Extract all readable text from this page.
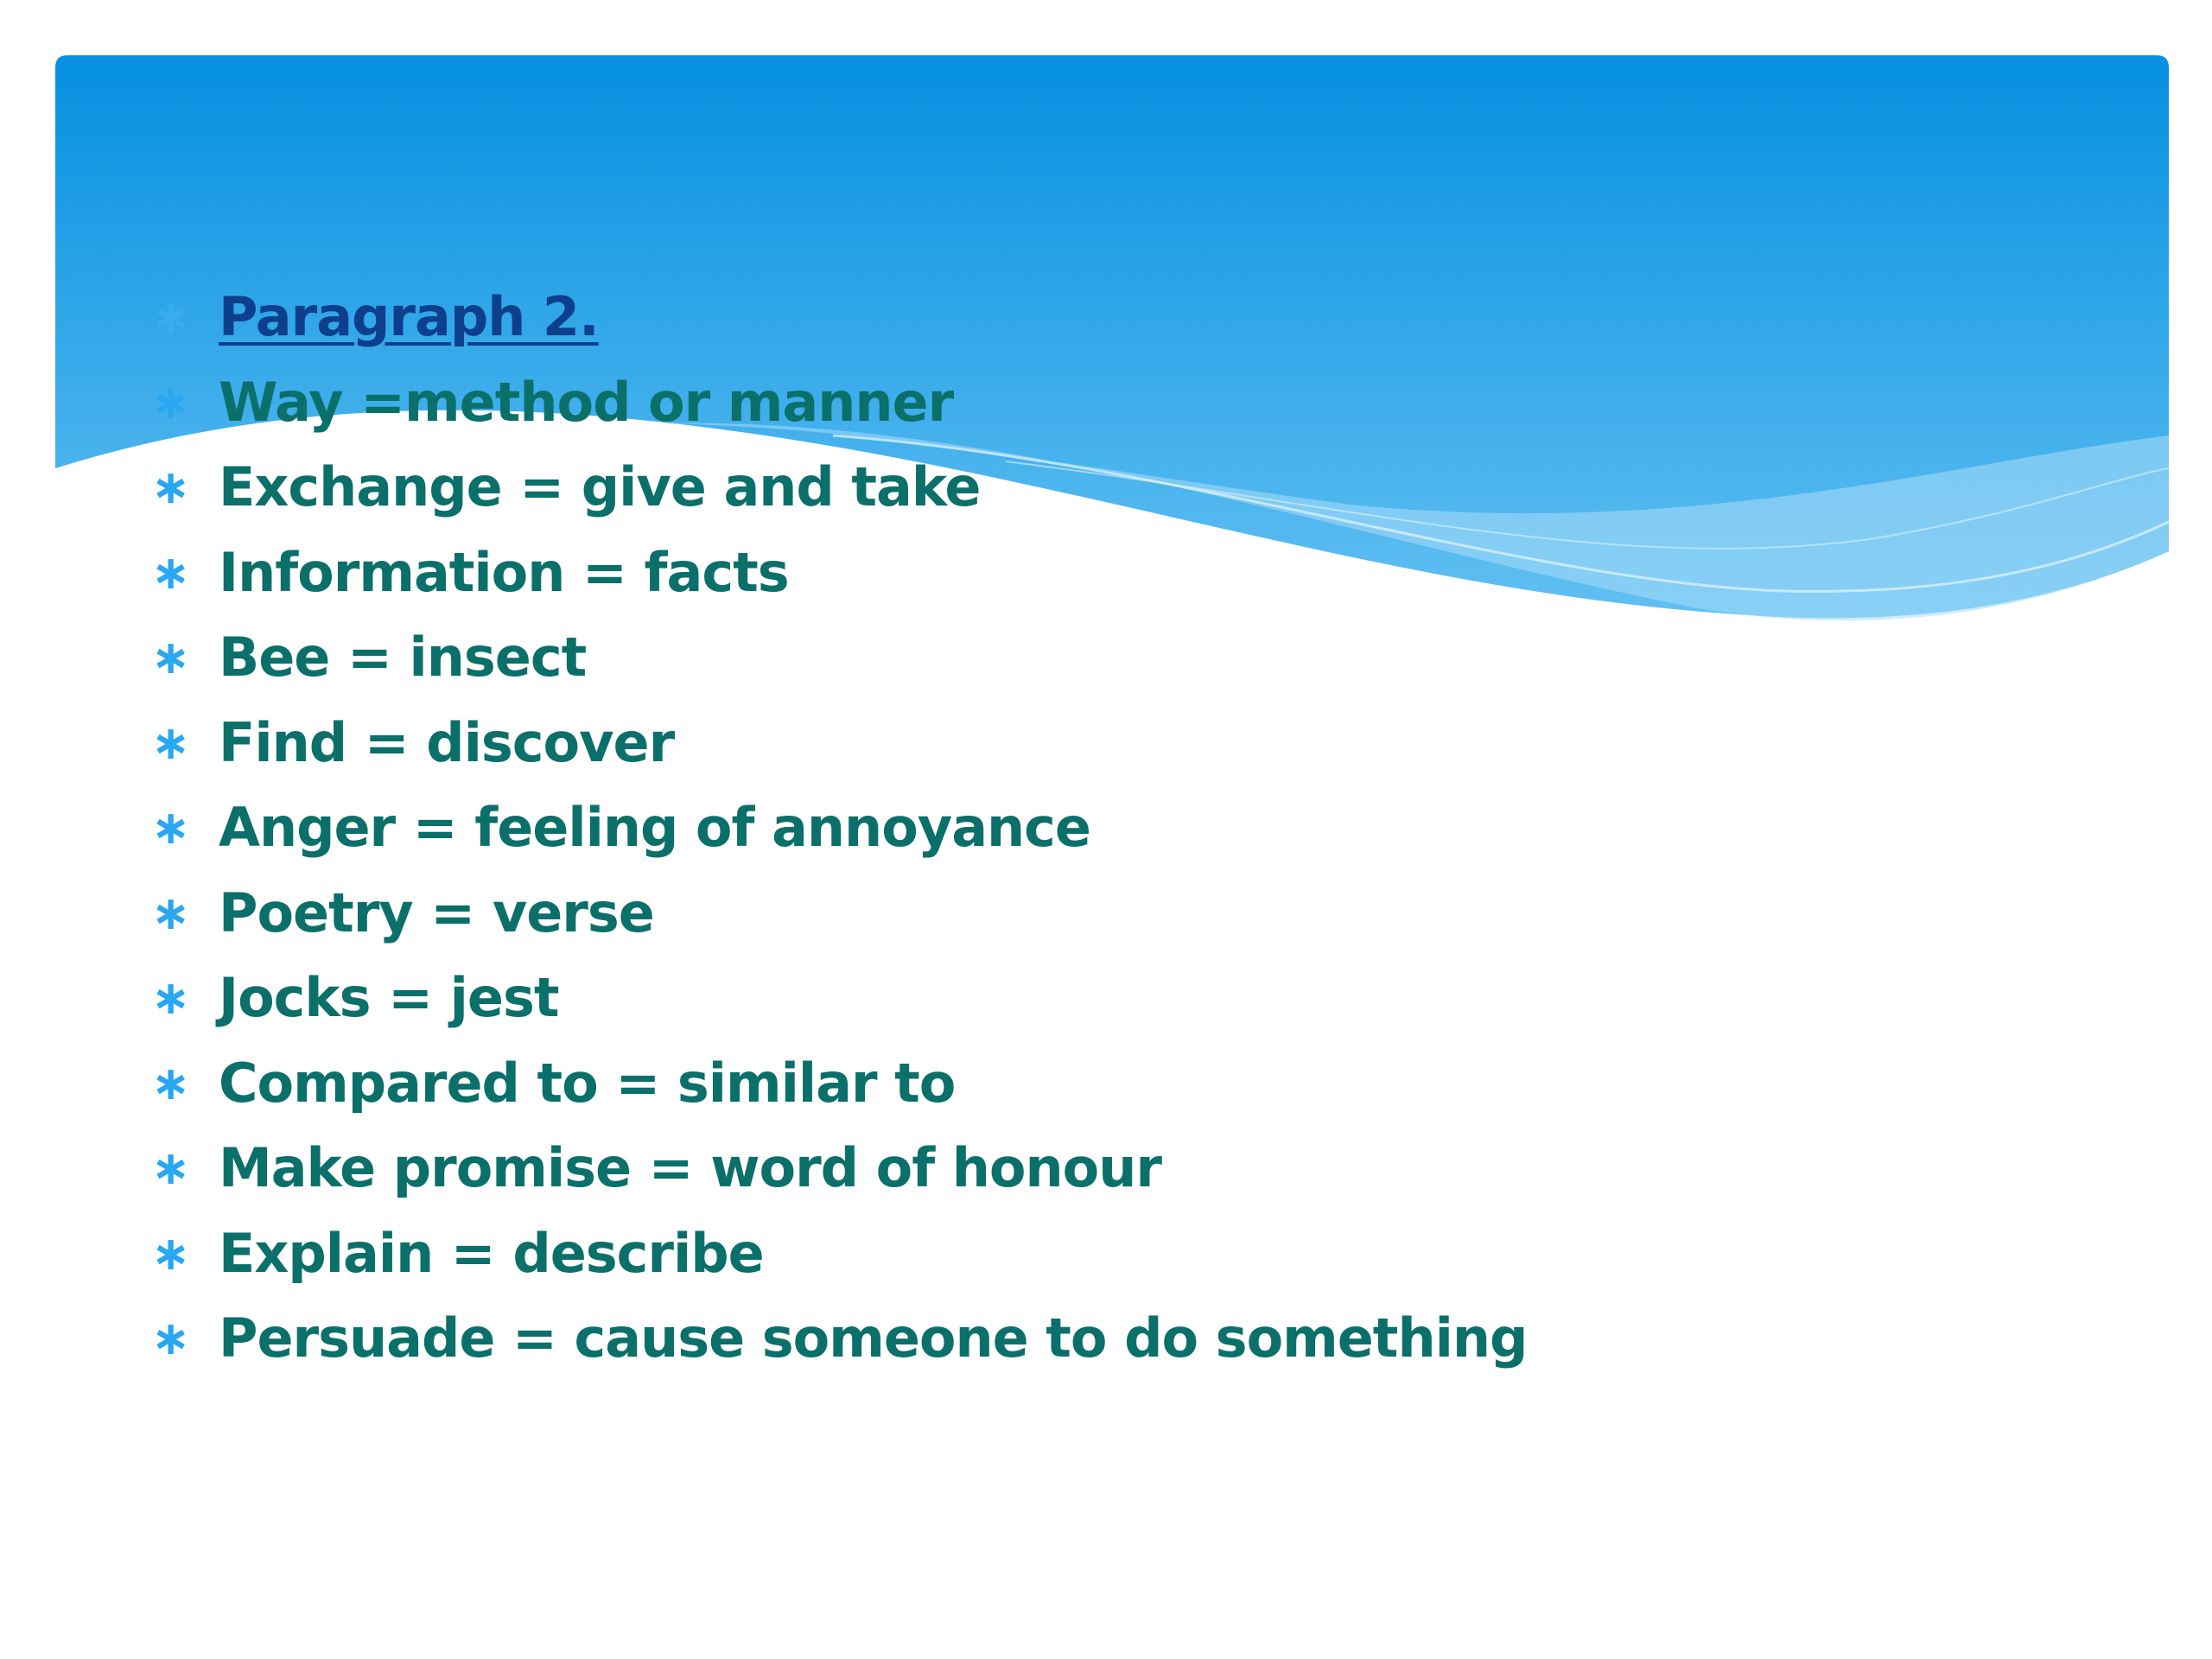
∗ Paragraph 2.
∗ Way =method or manner
∗ Exchange = give and take
∗ Information = facts
∗ Bee = insect
∗ Find = discover
∗ Anger = feeling of annoyance
∗ Poetry = verse
∗ Jocks = jest
∗ Compared to = similar to
∗ Make promise = word of honour
∗ Explain = describe
∗ Persuade = cause someone to do something
